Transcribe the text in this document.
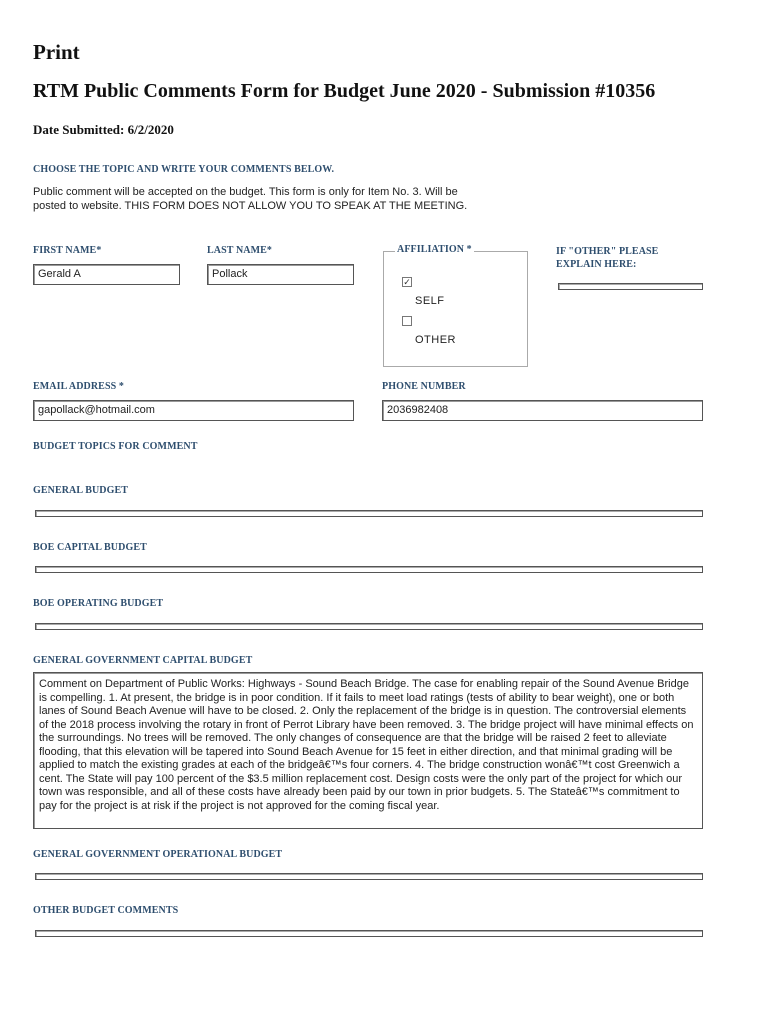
Print
RTM Public Comments Form for Budget June 2020 - Submission #10356
Date Submitted: 6/2/2020
CHOOSE THE TOPIC AND WRITE YOUR COMMENTS BELOW.
Public comment will be accepted on the budget. This form is only for Item No. 3. Will be posted to website. THIS FORM DOES NOT ALLOW YOU TO SPEAK AT THE MEETING.
FIRST NAME*
Gerald A
LAST NAME*
Pollack
AFFILIATION *
✓
SELF
OTHER
IF "OTHER" PLEASE EXPLAIN HERE:
EMAIL ADDRESS *
gapollack@hotmail.com
PHONE NUMBER
2036982408
BUDGET TOPICS FOR COMMENT
GENERAL BUDGET
BOE CAPITAL BUDGET
BOE OPERATING BUDGET
GENERAL GOVERNMENT CAPITAL BUDGET
Comment on Department of Public Works: Highways - Sound Beach Bridge. The case for enabling repair of the Sound Avenue Bridge is compelling. 1. At present, the bridge is in poor condition. If it fails to meet load ratings (tests of ability to bear weight), one or both lanes of Sound Beach Avenue will have to be closed. 2. Only the replacement of the bridge is in question. The controversial elements of the 2018 process involving the rotary in front of Perrot Library have been removed. 3. The bridge project will have minimal effects on the surroundings. No trees will be removed. The only changes of consequence are that the bridge will be raised 2 feet to alleviate flooding, that this elevation will be tapered into Sound Beach Avenue for 15 feet in either direction, and that minimal grading will be applied to match the existing grades at each of the bridgeâ€™s four corners. 4. The bridge construction wonâ€™t cost Greenwich a cent. The State will pay 100 percent of the $3.5 million replacement cost. Design costs were the only part of the project for which our town was responsible, and all of these costs have already been paid by our town in prior budgets. 5. The Stateâ€™s commitment to pay for the project is at risk if the project is not approved for the coming fiscal year.
GENERAL GOVERNMENT OPERATIONAL BUDGET
OTHER BUDGET COMMENTS
